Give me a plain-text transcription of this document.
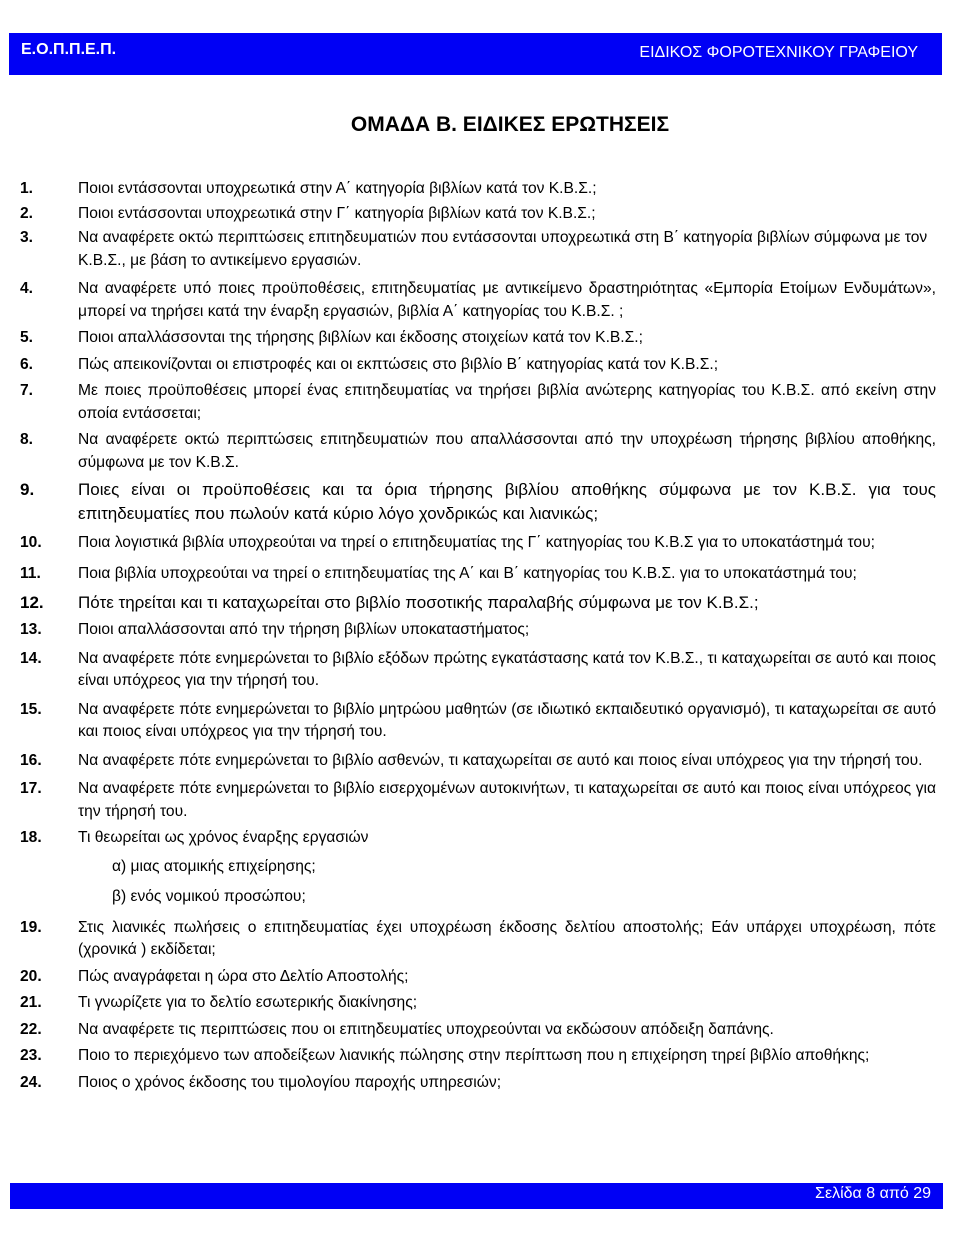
Ε.Ο.Π.Π.Ε.Π.	ΕΙΔΙΚΟΣ ΦΟΡΟΤΕΧΝΙΚΟΥ ΓΡΑΦΕΙΟΥ
ΟΜΑΔΑ Β. ΕΙΔΙΚΕΣ ΕΡΩΤΗΣΕΙΣ
1.	Ποιοι εντάσσονται υποχρεωτικά στην Α΄ κατηγορία βιβλίων κατά τον Κ.Β.Σ.;
2.	Ποιοι εντάσσονται υποχρεωτικά στην Γ΄ κατηγορία βιβλίων κατά τον Κ.Β.Σ.;
3.	Να αναφέρετε οκτώ περιπτώσεις επιτηδευματιών που εντάσσονται υποχρεωτικά στη Β΄ κατηγορία βιβλίων σύμφωνα με τον Κ.Β.Σ., με βάση το αντικείμενο εργασιών.
4.	Να αναφέρετε υπό ποιες προϋποθέσεις, επιτηδευματίας με αντικείμενο δραστηριότητας «Εμπορία Ετοίμων Ενδυμάτων», μπορεί να τηρήσει κατά την έναρξη εργασιών, βιβλία Α΄ κατηγορίας του Κ.Β.Σ. ;
5.	Ποιοι απαλλάσσονται της τήρησης βιβλίων και έκδοσης στοιχείων κατά τον Κ.Β.Σ.;
6.	Πώς απεικονίζονται οι επιστροφές και οι εκπτώσεις στο βιβλίο Β΄ κατηγορίας κατά τον Κ.Β.Σ.;
7.	Με ποιες προϋποθέσεις μπορεί ένας επιτηδευματίας να τηρήσει βιβλία ανώτερης κατηγορίας του Κ.Β.Σ. από εκείνη στην οποία εντάσσεται;
8.	Να αναφέρετε οκτώ περιπτώσεις επιτηδευματιών που απαλλάσσονται από την υποχρέωση τήρησης βιβλίου αποθήκης, σύμφωνα με τον Κ.Β.Σ.
9.	Ποιες είναι οι προϋποθέσεις και τα όρια τήρησης βιβλίου αποθήκης σύμφωνα με τον Κ.Β.Σ. για τους επιτηδευματίες που πωλούν κατά κύριο λόγο χονδρικώς και λιανικώς;
10.	Ποια λογιστικά βιβλία υποχρεούται να τηρεί ο επιτηδευματίας της Γ΄ κατηγορίας του Κ.Β.Σ για το υποκατάστημά του;
11.	Ποια βιβλία υποχρεούται να τηρεί ο επιτηδευματίας της Α΄ και Β΄ κατηγορίας του Κ.Β.Σ. για το υποκατάστημά του;
12.	Πότε τηρείται και τι καταχωρείται στο βιβλίο ποσοτικής παραλαβής σύμφωνα με τον Κ.Β.Σ.;
13.	Ποιοι απαλλάσσονται από την τήρηση βιβλίων υποκαταστήματος;
14.	Να αναφέρετε πότε ενημερώνεται το βιβλίο εξόδων πρώτης εγκατάστασης κατά τον Κ.Β.Σ., τι καταχωρείται σε αυτό και ποιος είναι υπόχρεος για την τήρησή του.
15.	Να αναφέρετε πότε ενημερώνεται το βιβλίο μητρώου μαθητών (σε ιδιωτικό εκπαιδευτικό οργανισμό), τι καταχωρείται σε αυτό και ποιος είναι υπόχρεος για την τήρησή του.
16.	Να αναφέρετε πότε ενημερώνεται το βιβλίο ασθενών, τι καταχωρείται σε αυτό και ποιος είναι υπόχρεος για την τήρησή του.
17.	Να αναφέρετε πότε ενημερώνεται το βιβλίο εισερχομένων αυτοκινήτων, τι καταχωρείται σε αυτό και ποιος είναι υπόχρεος για την τήρησή του.
18.	Τι θεωρείται ως χρόνος έναρξης εργασιών
α) μιας ατομικής επιχείρησης;
β) ενός νομικού προσώπου;
19.	Στις λιανικές πωλήσεις ο επιτηδευματίας έχει υποχρέωση έκδοσης δελτίου αποστολής; Εάν υπάρχει υποχρέωση, πότε (χρονικά ) εκδίδεται;
20.	Πώς αναγράφεται η ώρα στο Δελτίο Αποστολής;
21.	Τι γνωρίζετε για το δελτίο εσωτερικής διακίνησης;
22.	Να αναφέρετε τις περιπτώσεις που οι επιτηδευματίες υποχρεούνται να εκδώσουν απόδειξη δαπάνης.
23.	Ποιο το περιεχόμενο των αποδείξεων λιανικής πώλησης στην περίπτωση που η επιχείρηση τηρεί βιβλίο αποθήκης;
24.	Ποιος ο χρόνος έκδοσης του τιμολογίου παροχής υπηρεσιών;
Σελίδα 8 από 29
